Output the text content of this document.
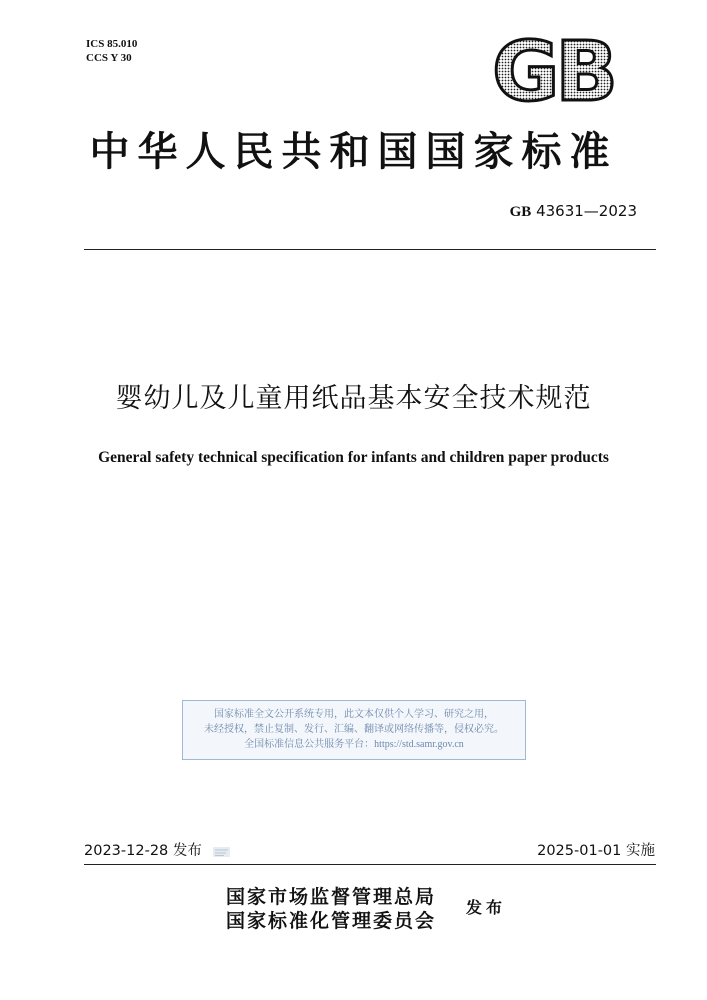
ICS 85.010
CCS Y 30	GB
中华人民共和国国家标准
GB 43631—2023
婴幼儿及儿童用纸品基本安全技术规范
General safety technical specification for infants and children paper products
国家标准全文公开系统专用，此文本仅供个人学习、研究之用，
未经授权，禁止复制、发行、汇编、翻译或网络传播等，侵权必究。
全国标准信息公共服务平台：https://std.samr.gov.cn
2023-12-28 发布	2025-01-01 实施
国家市场监督管理总局
国家标准化管理委员会
发布
